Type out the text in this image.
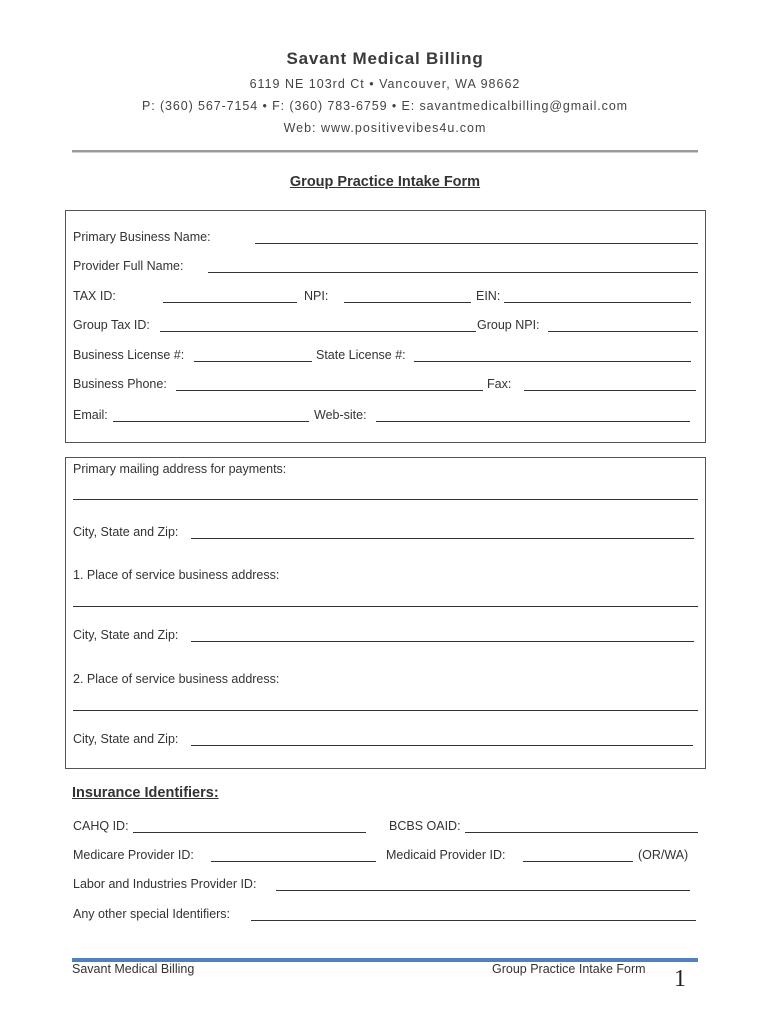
Savant Medical Billing
6119 NE 103rd Ct • Vancouver, WA 98662
P: (360) 567-7154 • F: (360) 783-6759 • E: savantmedicalbilling@gmail.com
Web: www.positivevibes4u.com
Group Practice Intake Form
Primary Business Name:
Provider Full Name:
TAX ID:	NPI:	EIN:
Group Tax ID:	Group NPI:
Business License #:	State License #:
Business Phone:	Fax:
Email:	Web-site:
Primary mailing address for payments:
City, State and Zip:
1. Place of service business address:
City, State and Zip:
2. Place of service business address:
City, State and Zip:
Insurance Identifiers:
CAHQ ID:	BCBS OAID:
Medicare Provider ID:	Medicaid Provider ID:	(OR/WA)
Labor and Industries Provider ID:
Any other special Identifiers:
Savant Medical Billing	Group Practice Intake Form 1
